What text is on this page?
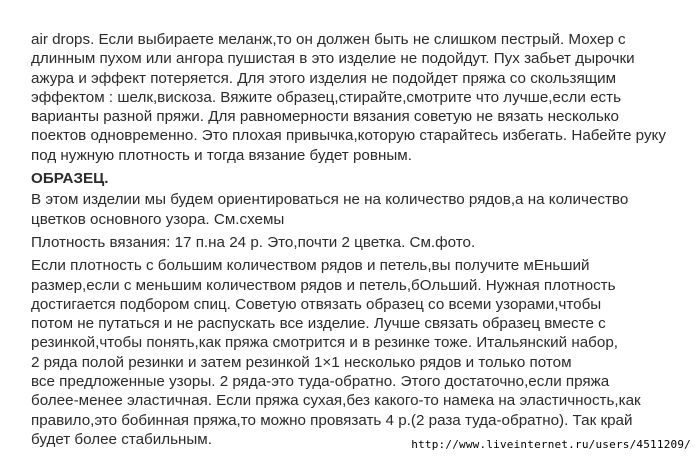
air drops. Если выбираете меланж,то он должен быть не слишком пестрый. Мохер с
длинным пухом или ангора пушистая в это изделие не подойдут. Пух забьет дырочки
ажура и эффект потеряется. Для этого изделия не подойдет пряжа со скользящим
эффектом : шелк,вискоза. Вяжите образец,стирайте,смотрите что лучше,если есть
варианты разной пряжи. Для равномерности вязания советую не вязать несколько
поектов одновременно. Это плохая привычка,которую старайтесь избегать. Набейте руку
под нужную плотность и тогда вязание будет ровным.

ОБРАЗЕЦ.

В этом изделии мы будем ориентироваться не на количество рядов,а на количество
цветков основного узора. См.схемы

Плотность вязания: 17 п.на 24 р. Это,почти 2 цветка. См.фото.

Если плотность с большим количеством рядов и петель,вы получите мЕньший
размер,если с меньшим количеством рядов и петель,бОльший. Нужная плотность
достигается подбором спиц. Советую отвязать образец со всеми узорами,чтобы
потом не путаться и не распускать все изделие. Лучше связать образец вместе с
резинкой,чтобы понять,как пряжа смотрится и в резинке тоже. Итальянский набор,
2 ряда полой резинки и затем резинкой 1×1 несколько рядов и только потом
все предложенные узоры. 2 ряда-это туда-обратно. Этого достаточно,если пряжа
более-менее эластичная. Если пряжа сухая,без какого-то намека на эластичность,как
правило,это бобинная пряжа,то можно провязать 4 р.(2 раза туда-обратно). Так край
будет более стабильным.	http://www.liveinternet.ru/users/4511209/
